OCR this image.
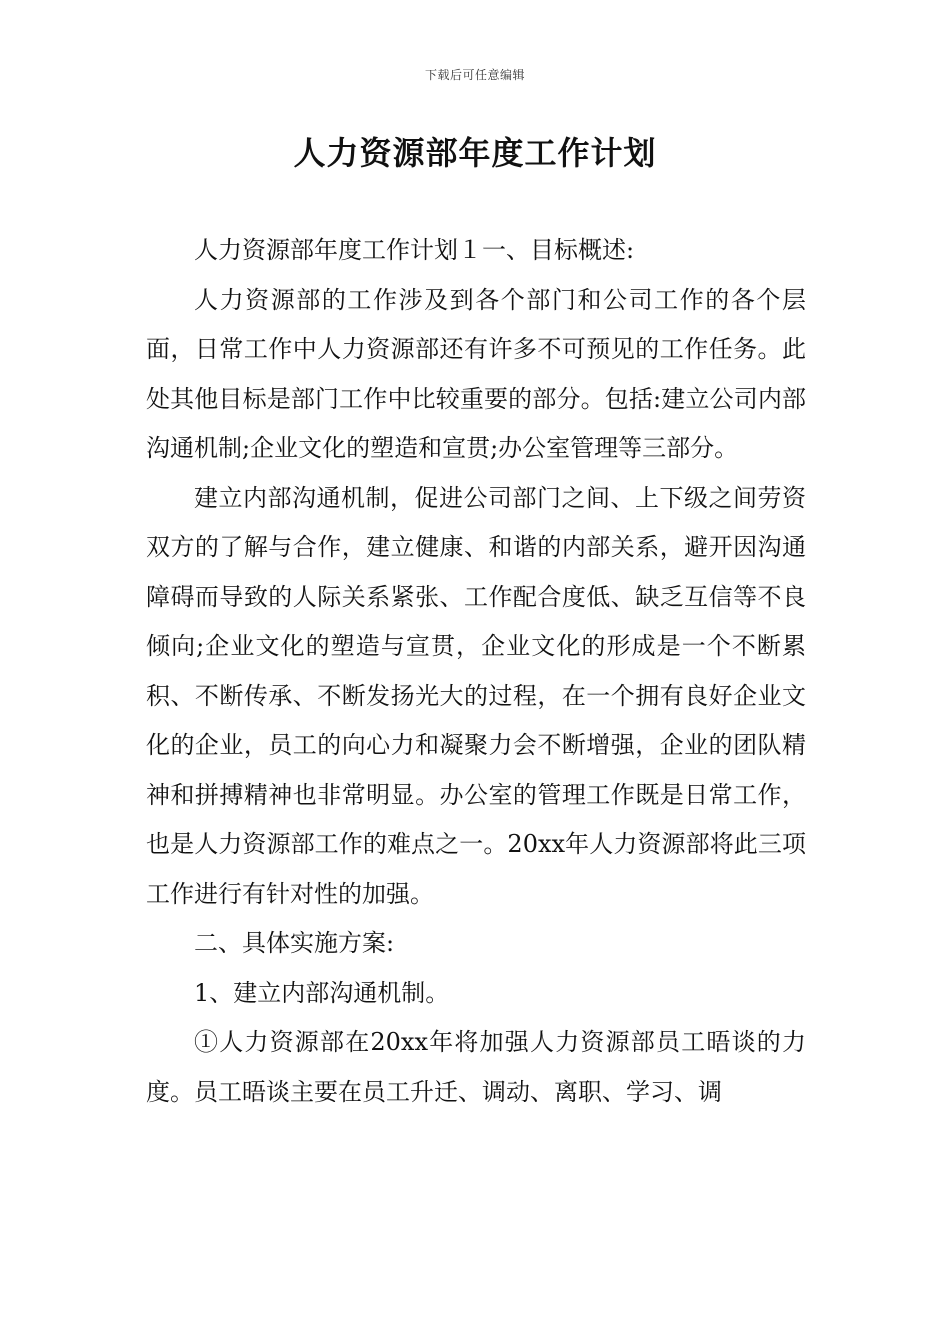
下载后可任意编辑
人力资源部年度工作计划

人力资源部年度工作计划１一、目标概述:

人力资源部的工作涉及到各个部门和公司工作的各个层面，日常工作中人力资源部还有许多不可预见的工作任务。此处其他目标是部门工作中比较重要的部分。包括:建立公司内部沟通机制;企业文化的塑造和宣贯;办公室管理等三部分。

建立内部沟通机制，促进公司部门之间、上下级之间劳资双方的了解与合作，建立健康、和谐的内部关系，避开因沟通障碍而导致的人际关系紧张、工作配合度低、缺乏互信等不良倾向;企业文化的塑造与宣贯，企业文化的形成是一个不断累积、不断传承、不断发扬光大的过程，在一个拥有良好企业文化的企业，员工的向心力和凝聚力会不断增强，企业的团队精神和拼搏精神也非常明显。办公室的管理工作既是日常工作，也是人力资源部工作的难点之一。20xx年人力资源部将此三项工作进行有针对性的加强。

二、具体实施方案:

1、建立内部沟通机制。

①人力资源部在20xx年将加强人力资源部员工晤谈的力度。员工晤谈主要在员工升迁、调动、离职、学习、调
